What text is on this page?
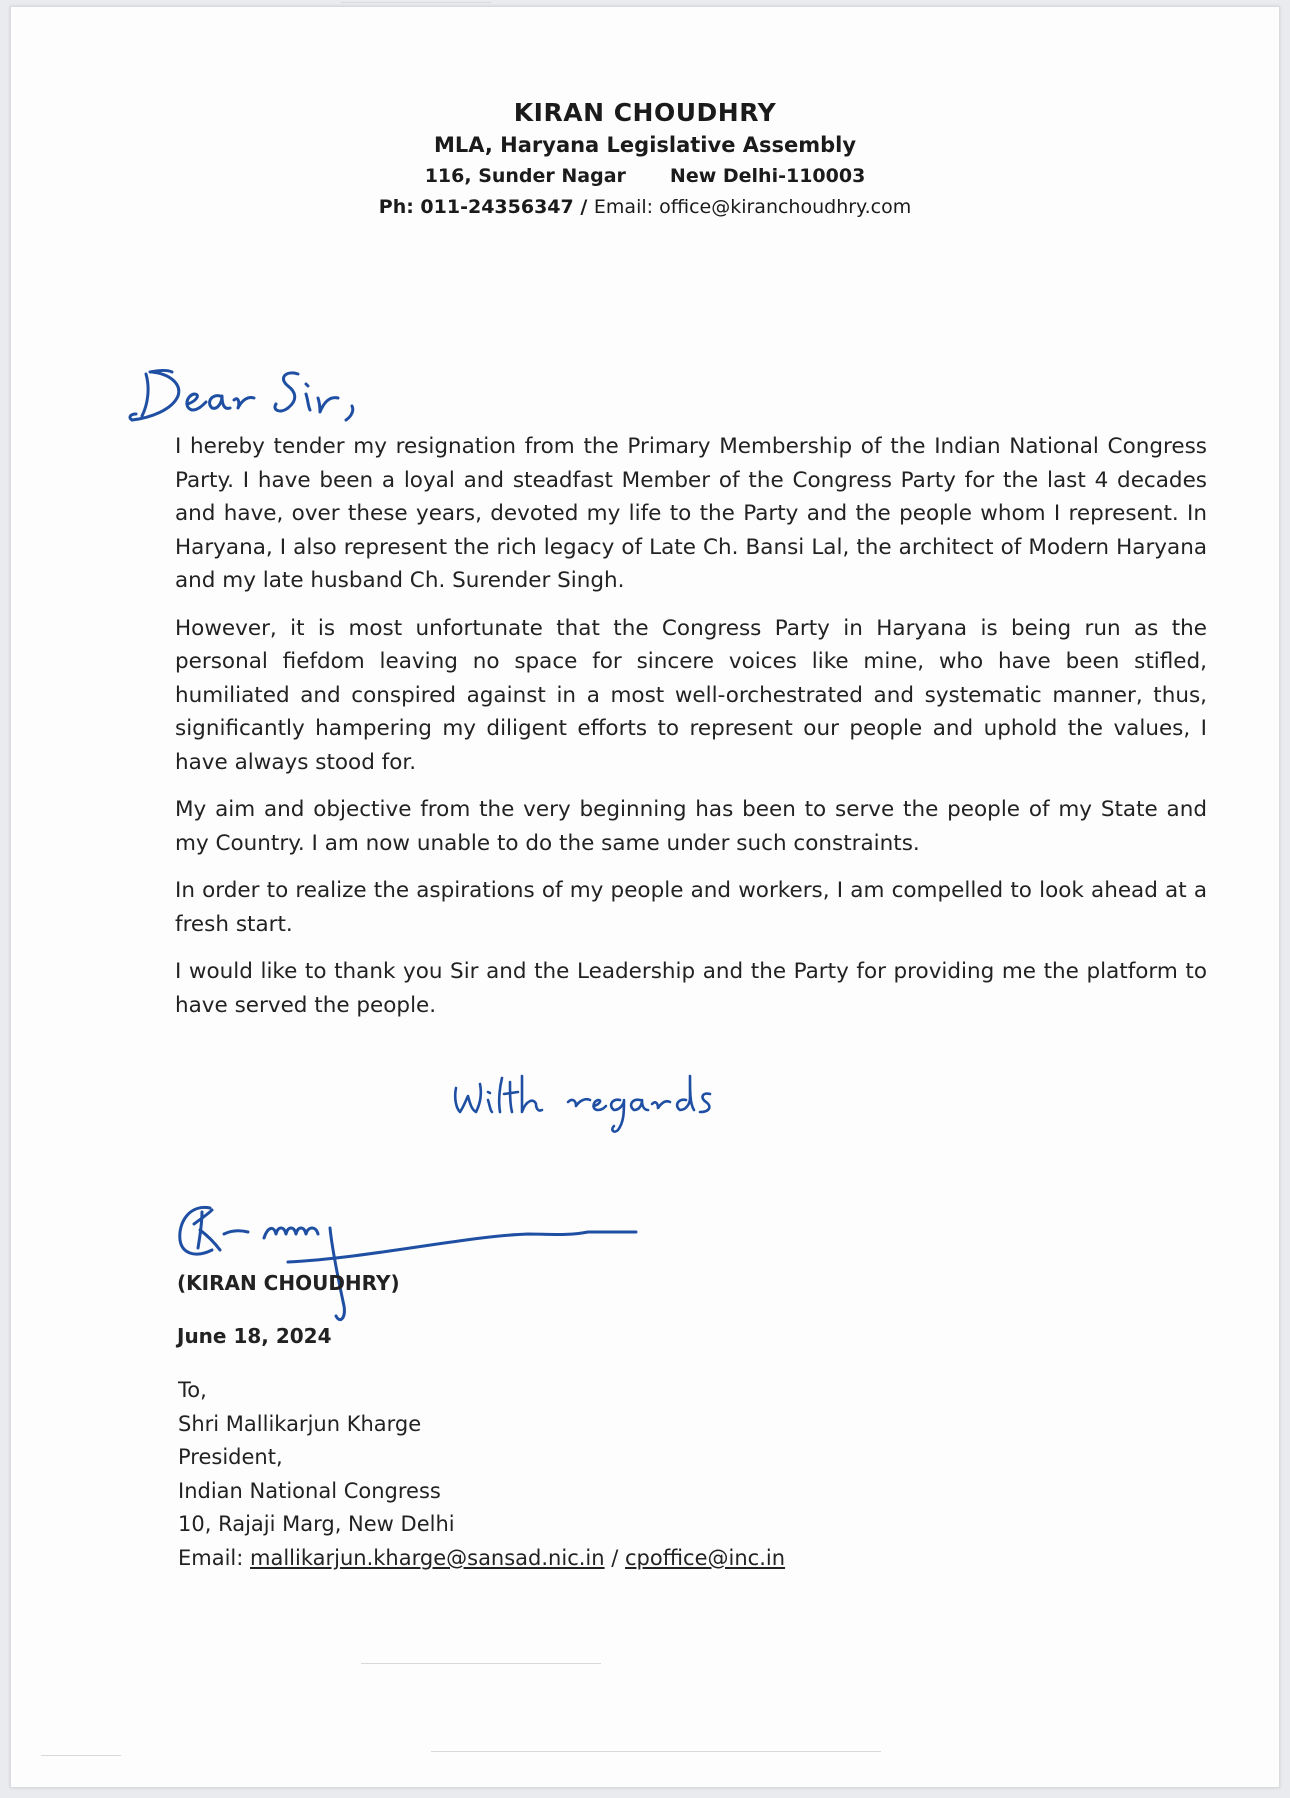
KIRAN CHOUDHRY
MLA, Haryana Legislative Assembly
116, Sunder Nagar New Delhi-110003
Ph: 011-24356347 / Email: office@kiranchoudhry.com

I hereby tender my resignation from the Primary Membership of the Indian National Congress Party. I have been a loyal and steadfast Member of the Congress Party for the last 4 decades and have, over these years, devoted my life to the Party and the people whom I represent. In Haryana, I also represent the rich legacy of Late Ch. Bansi Lal, the architect of Modern Haryana and my late husband Ch. Surender Singh.

However, it is most unfortunate that the Congress Party in Haryana is being run as the personal fiefdom leaving no space for sincere voices like mine, who have been stifled, humiliated and conspired against in a most well-orchestrated and systematic manner, thus, significantly hampering my diligent efforts to represent our people and uphold the values, I have always stood for.

My aim and objective from the very beginning has been to serve the people of my State and my Country. I am now unable to do the same under such constraints.

In order to realize the aspirations of my people and workers, I am compelled to look ahead at a fresh start.

I would like to thank you Sir and the Leadership and the Party for providing me the platform to have served the people.

(KIRAN CHOUDHRY)
June 18, 2024
To,
Shri Mallikarjun Kharge
President,
Indian National Congress
10, Rajaji Marg, New Delhi
Email: mallikarjun.kharge@sansad.nic.in / cpoffice@inc.in
